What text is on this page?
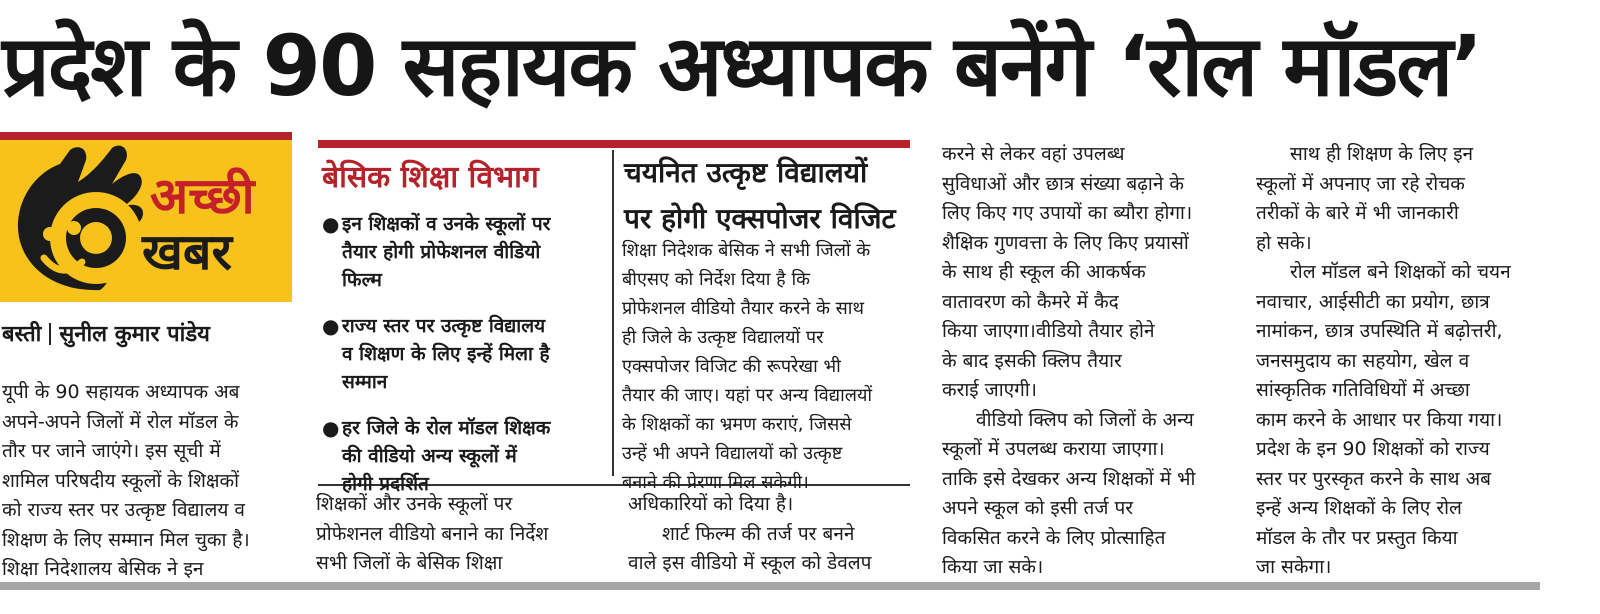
प्रदेश के 90 सहायक अध्यापक बनेंगे ‘रोल मॉडल’
अच्छी
खबर
बस्ती सुनील कुमार पांडेय

यूपी के 90 सहायक अध्यापक अब

अपने-अपने जिलों में रोल मॉडल के

तौर पर जाने जाएंगे। इस सूची में

शामिल परिषदीय स्कूलों के शिक्षकों

को राज्य स्तर पर उत्कृष्ट विद्यालय व

शिक्षण के लिए सम्मान मिल चुका है।

शिक्षा निदेशालय बेसिक ने इन

बेसिक शिक्षा विभाग
● इन शिक्षकों व उनके स्कूलों पर

तैयार होगी प्रोफेशनल वीडियो

फिल्म

● राज्य स्तर पर उत्कृष्ट विद्यालय

व शिक्षण के लिए इन्हें मिला है

सम्मान

● हर जिले के रोल मॉडल शिक्षक

की वीडियो अन्य स्कूलों में

होगी प्रदर्शित

चयनित उत्कृष्ट विद्यालयों

पर होगी एक्सपोजर विजिट

शिक्षा निदेशक बेसिक ने सभी जिलों के

बीएसए को निर्देश दिया है कि

प्रोफेशनल वीडियो तैयार करने के साथ

ही जिले के उत्कृष्ट विद्यालयों पर

एक्सपोजर विजिट की रूपरेखा भी

तैयार की जाए। यहां पर अन्य विद्यालयों

के शिक्षकों का भ्रमण कराएं, जिससे

उन्हें भी अपने विद्यालयों को उत्कृष्ट

बनाने की प्रेरणा मिल सकेगी।

शिक्षकों और उनके स्कूलों पर

प्रोफेशनल वीडियो बनाने का निर्देश

सभी जिलों के बेसिक शिक्षा

अधिकारियों को दिया है।

शार्ट फिल्म की तर्ज पर बनने

वाले इस वीडियो में स्कूल को डेवलप

करने से लेकर वहां उपलब्ध

सुविधाओं और छात्र संख्या बढ़ाने के

लिए किए गए उपायों का ब्यौरा होगा।

शैक्षिक गुणवत्ता के लिए किए प्रयासों

के साथ ही स्कूल की आकर्षक

वातावरण को कैमरे में कैद

किया जाएगा।वीडियो तैयार होने

के बाद इसकी क्लिप तैयार

कराई जाएगी।

वीडियो क्लिप को जिलों के अन्य

स्कूलों में उपलब्ध कराया जाएगा।

ताकि इसे देखकर अन्य शिक्षकों में भी

अपने स्कूल को इसी तर्ज पर

विकसित करने के लिए प्रोत्साहित

किया जा सके।

साथ ही शिक्षण के लिए इन

स्कूलों में अपनाए जा रहे रोचक

तरीकों के बारे में भी जानकारी

हो सके।

रोल मॉडल बने शिक्षकों को चयन

नवाचार, आईसीटी का प्रयोग, छात्र

नामांकन, छात्र उपस्थिति में बढ़ोत्तरी,

जनसमुदाय का सहयोग, खेल व

सांस्कृतिक गतिविधियों में अच्छा

काम करने के आधार पर किया गया।

प्रदेश के इन 90 शिक्षकों को राज्य

स्तर पर पुरस्कृत करने के साथ अब

इन्हें अन्य शिक्षकों के लिए रोल

मॉडल के तौर पर प्रस्तुत किया

जा सकेगा।
